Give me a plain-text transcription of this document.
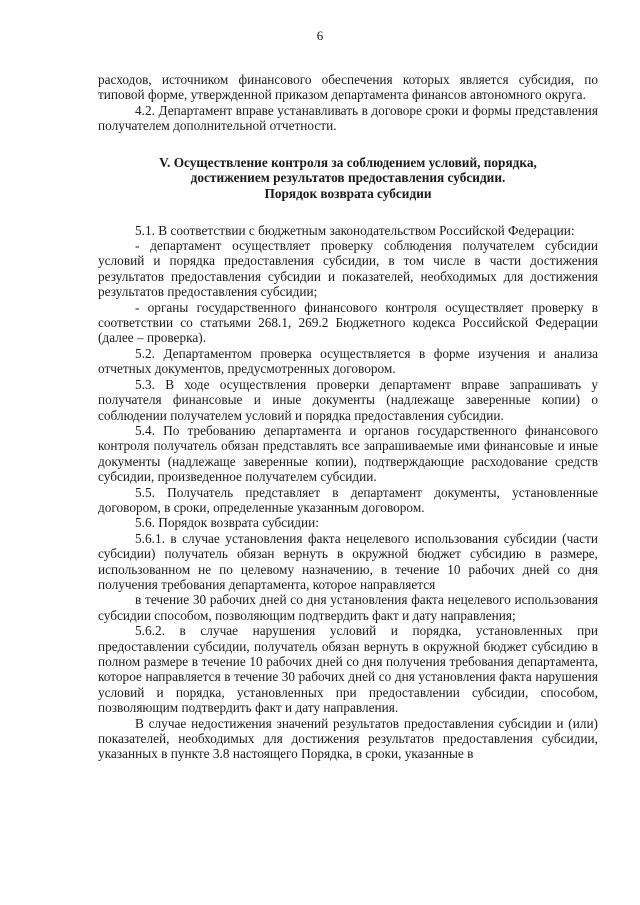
6

расходов, источником финансового обеспечения которых является субсидия, по типовой форме, утвержденной приказом департамента финансов автономного округа.

4.2. Департамент вправе устанавливать в договоре сроки и формы представления получателем дополнительной отчетности.

V. Осуществление контроля за соблюдением условий, порядка,

достижением результатов предоставления субсидии.

Порядок возврата субсидии

5.1. В соответствии с бюджетным законодательством Российской Федерации:

- департамент осуществляет проверку соблюдения получателем субсидии условий и порядка предоставления субсидии, в том числе в части достижения результатов предоставления субсидии и показателей, необходимых для достижения результатов предоставления субсидии;

- органы государственного финансового контроля осуществляет проверку в соответствии со статьями 268.1, 269.2 Бюджетного кодекса Российской Федерации (далее – проверка).

5.2. Департаментом проверка осуществляется в форме изучения и анализа отчетных документов, предусмотренных договором.

5.3. В ходе осуществления проверки департамент вправе запрашивать у получателя финансовые и иные документы (надлежаще заверенные копии) о соблюдении получателем условий и порядка предоставления субсидии.

5.4. По требованию департамента и органов государственного финансового контроля получатель обязан представлять все запрашиваемые ими финансовые и иные документы (надлежаще заверенные копии), подтверждающие расходование средств субсидии, произведенное получателем субсидии.

5.5. Получатель представляет в департамент документы, установленные договором, в сроки, определенные указанным договором.

5.6. Порядок возврата субсидии:

5.6.1. в случае установления факта нецелевого использования субсидии (части субсидии) получатель обязан вернуть в окружной бюджет субсидию в размере, использованном не по целевому назначению, в течение 10 рабочих дней со дня получения требования департамента, которое направляется

в течение 30 рабочих дней со дня установления факта нецелевого использования субсидии способом, позволяющим подтвердить факт и дату направления;

5.6.2. в случае нарушения условий и порядка, установленных при предоставлении субсидии, получатель обязан вернуть в окружной бюджет субсидию в полном размере в течение 10 рабочих дней со дня получения требования департамента, которое направляется в течение 30 рабочих дней со дня установления факта нарушения условий и порядка, установленных при предоставлении субсидии, способом, позволяющим подтвердить факт и дату направления.

В случае недостижения значений результатов предоставления субсидии и (или) показателей, необходимых для достижения результатов предоставления субсидии, указанных в пункте 3.8 настоящего Порядка, в сроки, указанные в
